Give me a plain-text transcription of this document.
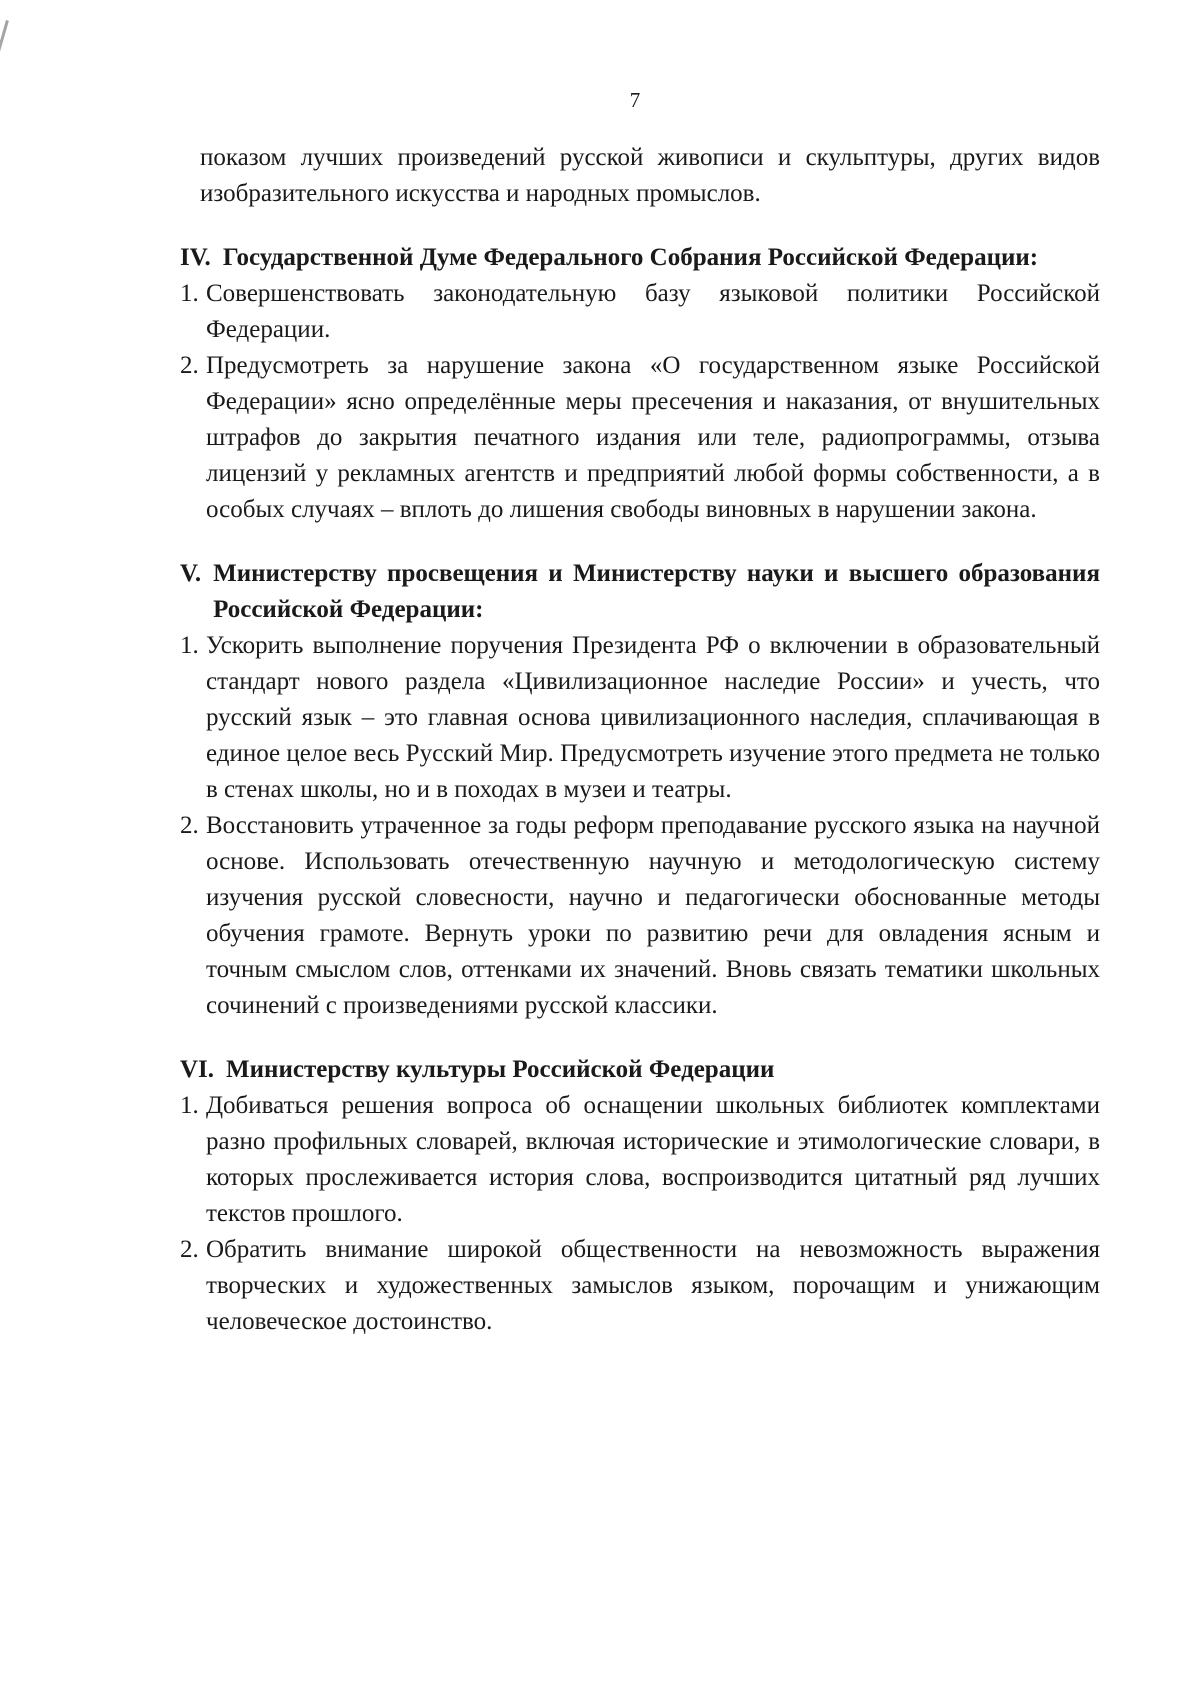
7

показом лучших произведений русской живописи и скульптуры, других видов изобразительного искусства и народных промыслов.

IV. Государственной Думе Федерального Собрания Российской Федерации:
1. Совершенствовать законодательную базу языковой политики Российской Федерации.
2. Предусмотреть за нарушение закона «О государственном языке Российской Федерации» ясно определённые меры пресечения и наказания, от внушительных штрафов до закрытия печатного издания или теле, радиопрограммы, отзыва лицензий у рекламных агентств и предприятий любой формы собственности, а в особых случаях – вплоть до лишения свободы виновных в нарушении закона.
V. Министерству просвещения и Министерству науки и высшего образования Российской Федерации:
1. Ускорить выполнение поручения Президента РФ о включении в образовательный стандарт нового раздела «Цивилизационное наследие России» и учесть, что русский язык – это главная основа цивилизационного наследия, сплачивающая в единое целое весь Русский Мир. Предусмотреть изучение этого предмета не только в стенах школы, но и в походах в музеи и театры.
2. Восстановить утраченное за годы реформ преподавание русского языка на научной основе. Использовать отечественную научную и методологическую систему изучения русской словесности, научно и педагогически обоснованные методы обучения грамоте. Вернуть уроки по развитию речи для овладения ясным и точным смыслом слов, оттенками их значений. Вновь связать тематики школьных сочинений с произведениями русской классики.
VI. Министерству культуры Российской Федерации
1. Добиваться решения вопроса об оснащении школьных библиотек комплектами разно профильных словарей, включая исторические и этимологические словари, в которых прослеживается история слова, воспроизводится цитатный ряд лучших текстов прошлого.
2. Обратить внимание широкой общественности на невозможность выражения творческих и художественных замыслов языком, порочащим и унижающим человеческое достоинство.
